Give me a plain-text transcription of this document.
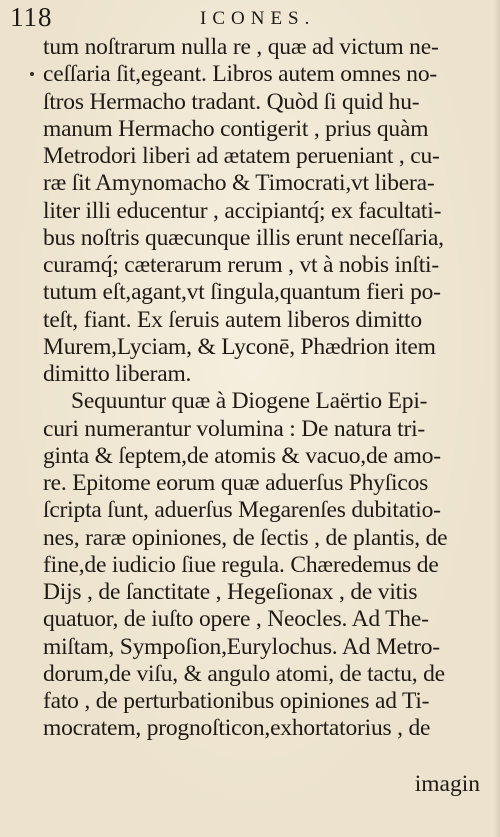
118	ICONES.
tum noſtrarum nulla re , quæ ad victum ne-
ceſſaria ſit,egeant. Libros autem omnes no-
ſtros Hermacho tradant. Quòd ſi quid hu-
manum Hermacho contigerit , prius quàm
Metrodori liberi ad ætatem perueniant , cu-
ræ ſit Amynomacho & Timocrati,vt libera-
liter illi educentur , accipiantq́; ex facultati-
bus noſtris quæcunque illis erunt neceſſaria,
curamq́; cæterarum rerum , vt à nobis inſti-
tutum eſt,agant,vt ſingula,quantum fieri po-
teſt, fiant. Ex ſeruis autem liberos dimitto
Murem,Lyciam, & Lyconē, Phædrion item
dimitto liberam.
Sequuntur quæ à Diogene Laërtio Epi-
curi numerantur volumina : De natura tri-
ginta & ſeptem,de atomis & vacuo,de amo-
re. Epitome eorum quæ aduerſus Phyſicos
ſcripta ſunt, aduerſus Megarenſes dubitatio-
nes, raræ opiniones, de ſectis , de plantis, de
fine,de iudicio ſiue regula. Chæredemus de
Dijs , de ſanctitate , Hegeſionax , de vitis
quatuor, de iuſto opere , Neocles. Ad The-
miſtam, Sympoſion,Eurylochus. Ad Metro-
dorum,de viſu, & angulo atomi, de tactu, de
fato , de perturbationibus opiniones ad Ti-
mocratem, prognoſticon,exhortatorius , de
imagin
